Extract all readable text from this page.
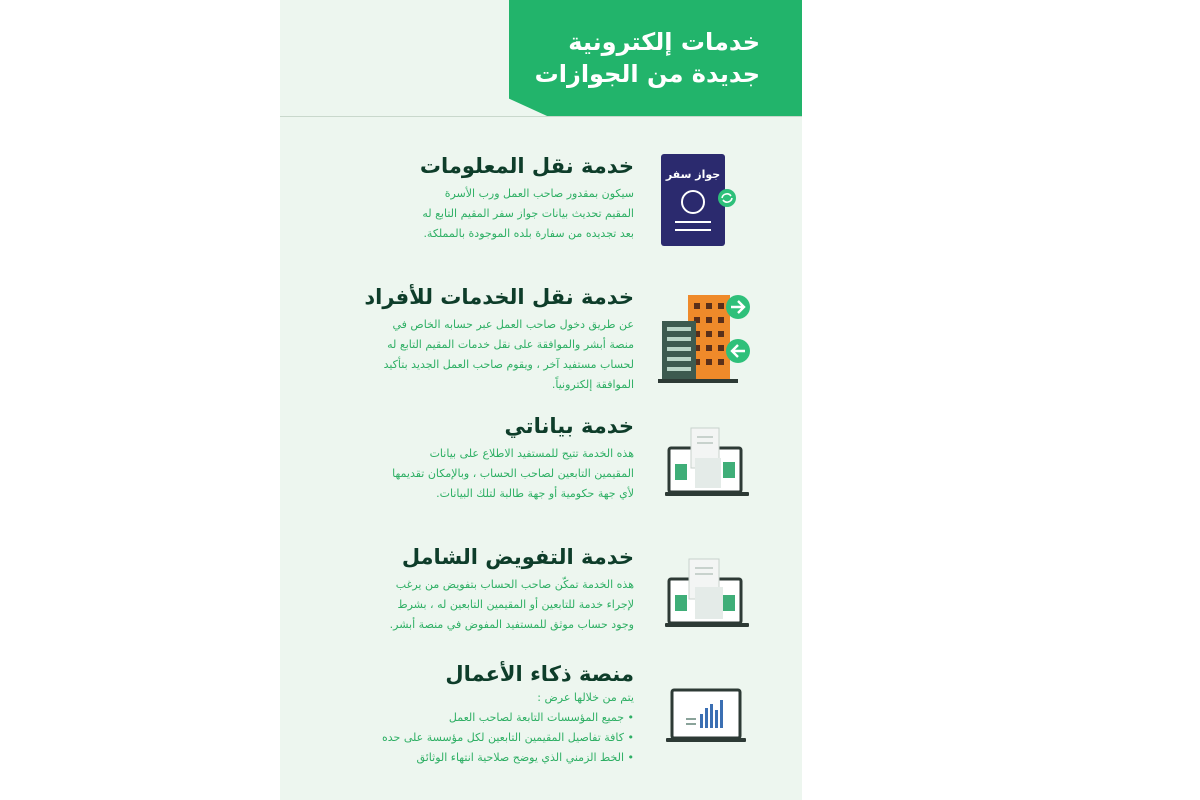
خدمات إلكترونية
جديدة من الجوازات
خدمة نقل المعلومات
سيكون بمقدور صاحب العمل ورب الأسرة
المقيم تحديث بيانات جواز سفر المقيم التابع له
بعد تجديده من سفارة بلده الموجودة بالمملكة.
جواز سفر
خدمة نقل الخدمات للأفراد
عن طريق دخول صاحب العمل عبر حسابه الخاص في
منصة أبشر والموافقة على نقل خدمات المقيم التابع له
لحساب مستفيد آخر ، ويقوم صاحب العمل الجديد بتأكيد
الموافقة إلكترونياً.
خدمة بياناتي
هذه الخدمة تتيح للمستفيد الاطلاع على بيانات
المقيمين التابعين لصاحب الحساب ، وبالإمكان تقديمها
لأي جهة حكومية أو جهة طالبة لتلك البيانات.
خدمة التفويض الشامل
هذه الخدمة تمكّن صاحب الحساب بتفويض من يرغب
لإجراء خدمة للتابعين أو المقيمين التابعين له ، بشرط
وجود حساب موثق للمستفيد المفوض في منصة أبشر.
منصة ذكاء الأعمال
يتم من خلالها عرض :
• جميع المؤسسات التابعة لصاحب العمل
• كافة تفاصيل المقيمين التابعين لكل مؤسسة على حده
• الخط الزمني الذي يوضح صلاحية انتهاء الوثائق
